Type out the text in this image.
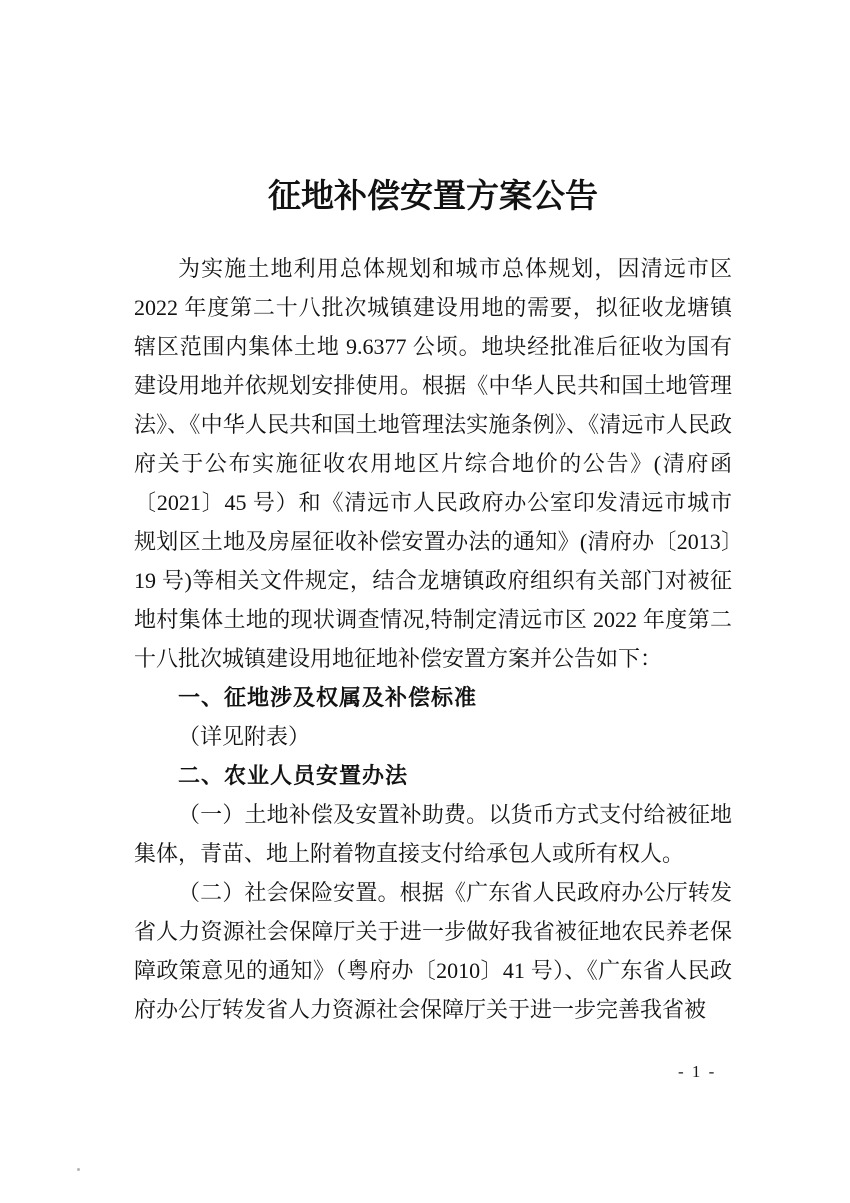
征地补偿安置方案公告

为实施土地利用总体规划和城市总体规划，因清远市区 2022 年度第二十八批次城镇建设用地的需要，拟征收龙塘镇辖区范围内集体土地 9.6377 公顷。地块经批准后征收为国有建设用地并依规划安排使用。根据《中华人民共和国土地管理法》、《中华人民共和国土地管理法实施条例》、《清远市人民政府关于公布实施征收农用地区片综合地价的公告》(清府函〔2021〕45 号）和《清远市人民政府办公室印发清远市城市规划区土地及房屋征收补偿安置办法的通知》(清府办〔2013〕19 号)等相关文件规定，结合龙塘镇政府组织有关部门对被征地村集体土地的现状调查情况,特制定清远市区 2022 年度第二十八批次城镇建设用地征地补偿安置方案并公告如下：

一、征地涉及权属及补偿标准

（详见附表）

二、农业人员安置办法

（一）土地补偿及安置补助费。以货币方式支付给被征地集体，青苗、地上附着物直接支付给承包人或所有权人。

（二）社会保险安置。根据《广东省人民政府办公厅转发省人力资源社会保障厅关于进一步做好我省被征地农民养老保障政策意见的通知》（粤府办〔2010〕41 号）、《广东省人民政府办公厅转发省人力资源社会保障厅关于进一步完善我省被

- 1 -
